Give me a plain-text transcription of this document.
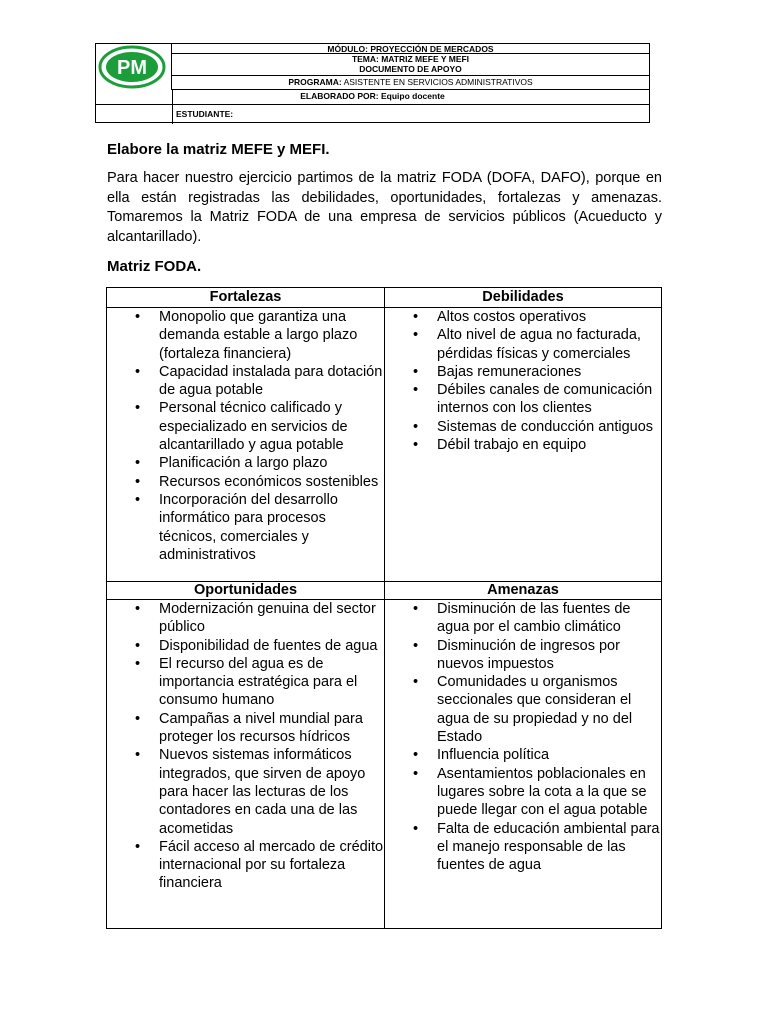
PM
MÓDULO: PROYECCIÓN DE MERCADOS
TEMA: MATRIZ MEFE Y MEFI
DOCUMENTO DE APOYO
PROGRAMA: ASISTENTE EN SERVICIOS ADMINISTRATIVOS
ELABORADO POR: Equipo docente
ESTUDIANTE:
Elabore la matriz MEFE y MEFI.
Para hacer nuestro ejercicio partimos de la matriz FODA (DOFA, DAFO), porque en ella están registradas las debilidades, oportunidades, fortalezas y amenazas. Tomaremos la Matriz FODA de una empresa de servicios públicos (Acueducto y alcantarillado).
Matriz FODA.
Fortalezas	Debilidades
• Monopolio que garantiza una demanda estable a largo plazo (fortaleza financiera)
• Capacidad instalada para dotación de agua potable
• Personal técnico calificado y especializado en servicios de alcantarillado y agua potable
• Planificación a largo plazo
• Recursos económicos sostenibles
• Incorporación del desarrollo informático para procesos técnicos, comerciales y administrativos
• Altos costos operativos
• Alto nivel de agua no facturada, pérdidas físicas y comerciales
• Bajas remuneraciones
• Débiles canales de comunicación internos con los clientes
• Sistemas de conducción antiguos
• Débil trabajo en equipo
Oportunidades	Amenazas
• Modernización genuina del sector público
• Disponibilidad de fuentes de agua
• El recurso del agua es de importancia estratégica para el consumo humano
• Campañas a nivel mundial para proteger los recursos hídricos
• Nuevos sistemas informáticos integrados, que sirven de apoyo para hacer las lecturas de los contadores en cada una de las acometidas
• Fácil acceso al mercado de crédito internacional por su fortaleza financiera
• Disminución de las fuentes de agua por el cambio climático
• Disminución de ingresos por nuevos impuestos
• Comunidades u organismos seccionales que consideran el agua de su propiedad y no del Estado
• Influencia política
• Asentamientos poblacionales en lugares sobre la cota a la que se puede llegar con el agua potable
• Falta de educación ambiental para el manejo responsable de las fuentes de agua
